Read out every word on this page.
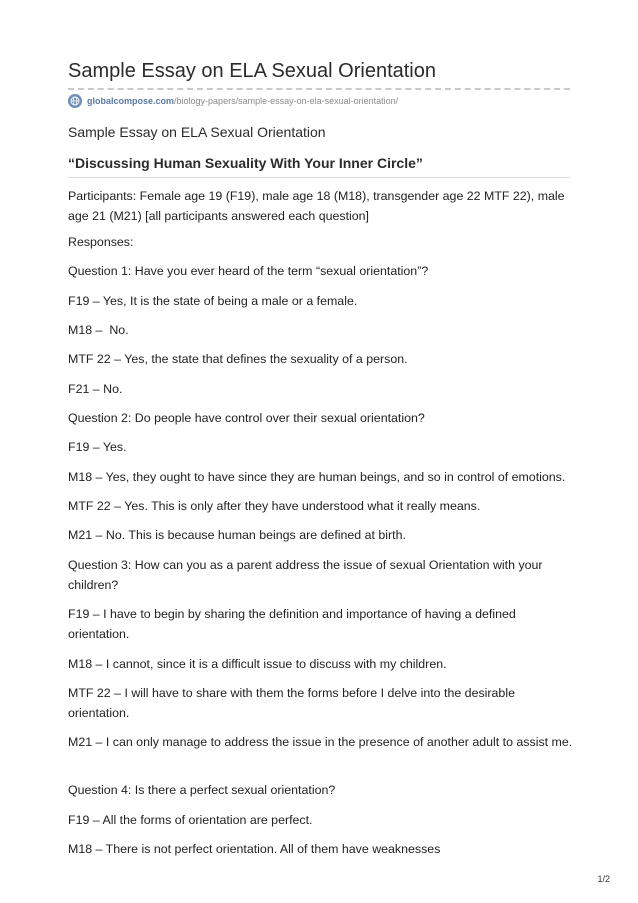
Sample Essay on ELA Sexual Orientation
globalcompose.com /biology-papers/sample-essay-on-ela-sexual-orientation/
Sample Essay on ELA Sexual Orientation
“Discussing Human Sexuality With Your Inner Circle”
Participants: Female age 19 (F19), male age 18 (M18), transgender age 22 MTF 22), male age 21 (M21) [all participants answered each question]
Responses:
Question 1: Have you ever heard of the term “sexual orientation”?
F19 – Yes, It is the state of being a male or a female.
M18 –  No.
MTF 22 – Yes, the state that defines the sexuality of a person.
F21 – No.
Question 2: Do people have control over their sexual orientation?
F19 – Yes.
M18 – Yes, they ought to have since they are human beings, and so in control of emotions.
MTF 22 – Yes. This is only after they have understood what it really means.
M21 – No. This is because human beings are defined at birth.
Question 3: How can you as a parent address the issue of sexual Orientation with your children?
F19 – I have to begin by sharing the definition and importance of having a defined orientation.
M18 – I cannot, since it is a difficult issue to discuss with my children.
MTF 22 – I will have to share with them the forms before I delve into the desirable orientation.
M21 – I can only manage to address the issue in the presence of another adult to assist me.
Question 4: Is there a perfect sexual orientation?
F19 – All the forms of orientation are perfect.
M18 – There is not perfect orientation. All of them have weaknesses
1/2
